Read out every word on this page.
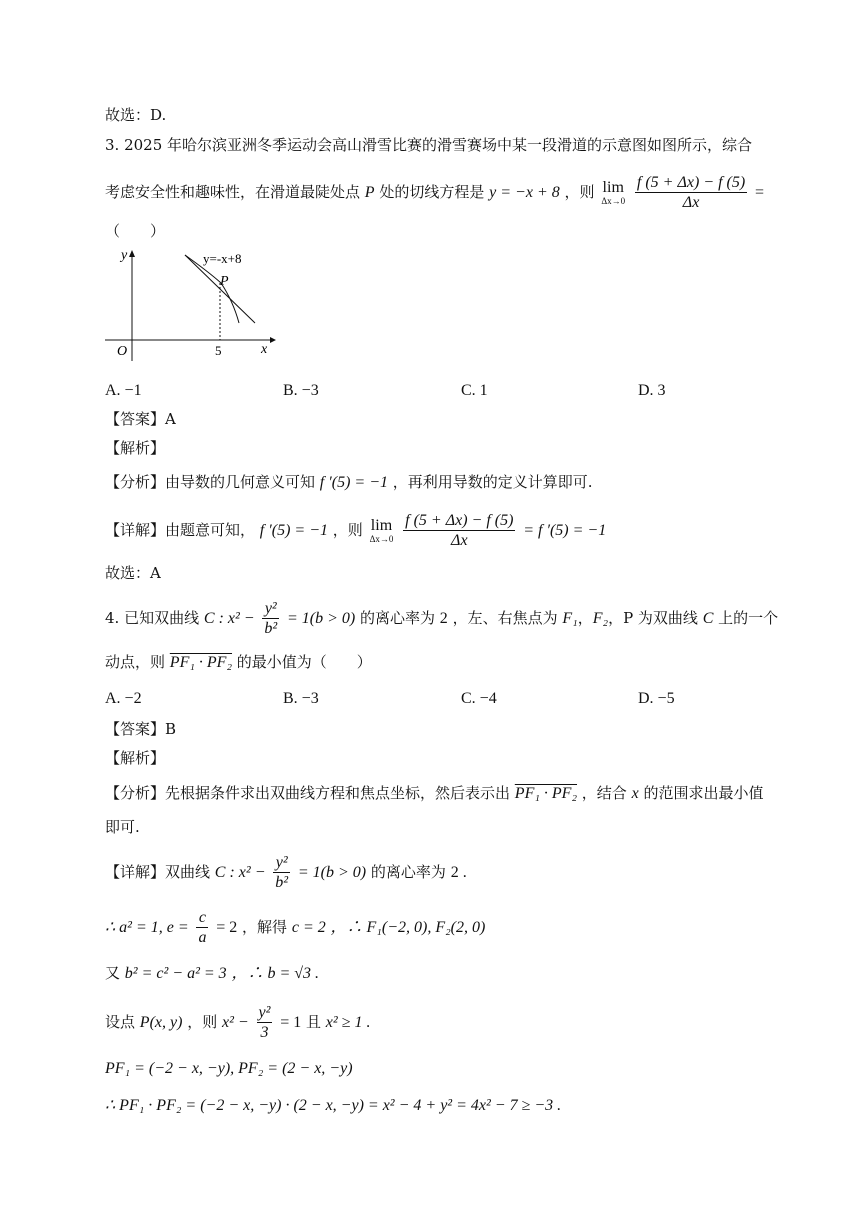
故选：D.
3. 2025 年哈尔滨亚洲冬季运动会高山滑雪比赛的滑雪赛场中某一段滑道的示意图如图所示，综合
考虑安全性和趣味性，在滑道最陡处点 P 处的切线方程是 y = −x + 8 ，则 lim
Δx→0
$\frac{f (5 + \Delta x) - f (5)}{\Delta x}$ =
（　　）
y
x
O	5
P
y=-x+8
A. −1	B. −3	C. 1	D. 3
【答案】A
【解析】
【分析】由导数的几何意义可知 f ′(5) = −1 ，再利用导数的定义计算即可.
【详解】由题意可知， f ′(5) = −1 ，则 lim
Δx→0
$\frac{f (5 + \Delta x) - f (5)}{\Delta x} = f$ ′(5) = −1
故选：A
4. 已知双曲线 C : $x^2 - \frac{\text{y²}}{\text{b²}} = 1(b > 0)$ 的离心率为 2 ，左、右焦点为 F₁，F₂，P 为双曲线 C 上的一个
动点，则 PF₁ · PF₂ 的最小值为（　　）
A. −2	B. −3	C. −4	D. −5
【答案】B
【解析】
【分析】先根据条件求出双曲线方程和焦点坐标，然后表示出 PF₁ · PF₂ ，结合 x 的范围求出最小值
即可.
【详解】双曲线 C : $x^2 - \frac{\text{y²}}{\text{b²}} = 1(b > 0)$ 的离心率为 2 .
∴ a² = 1, $e = \frac{c}{a} = 2$ ，解得 c = 2 ，∴ F₁(−2, 0), F₂(2, 0)
又 b² = c² − a² = 3 ，∴ b = √3 .
设点 P(x, y) ，则 $x^2 - \frac{\text{y²}}{3} = 1$ 且 x² ≥ 1 .
PF₁ = (−2 − x, −y), PF₂ = (2 − x, −y)
∴ PF₁ · PF₂ = (−2 − x, −y) · (2 − x, −y) = x² − 4 + y² = 4x² − 7 ≥ −3 .
